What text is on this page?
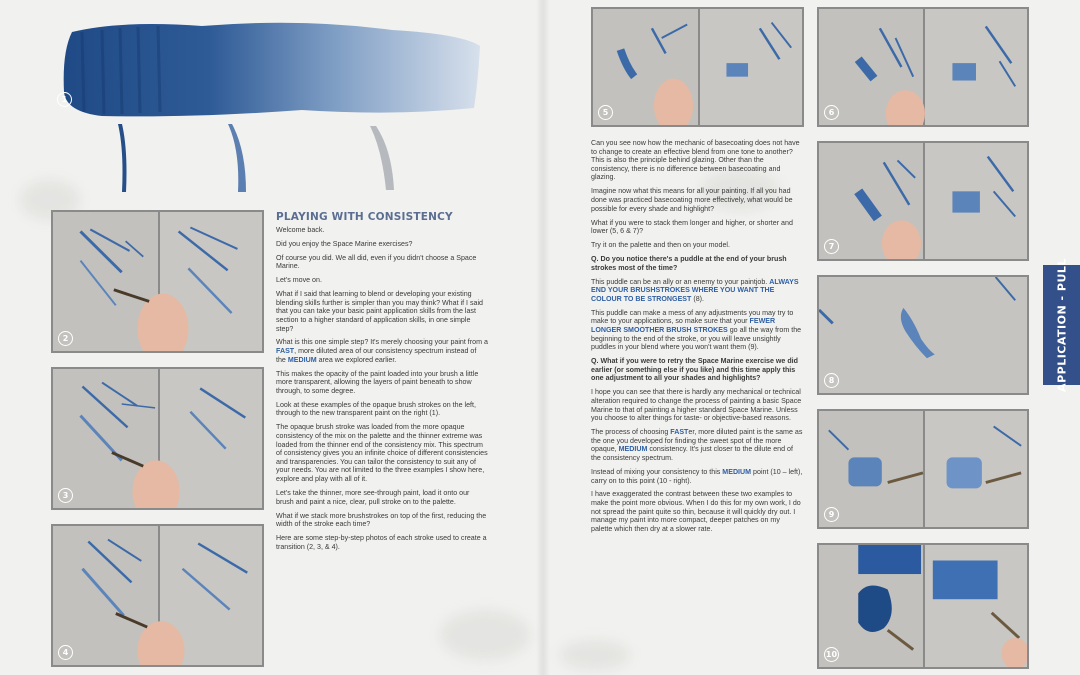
1
2
3
4
PLAYING WITH CONSISTENCY

Welcome back.

Did you enjoy the Space Marine exercises?

Of course you did. We all did, even if you didn't choose a Space Marine.

Let's move on.

What if I said that learning to blend or developing your existing blending skills further is simpler than you may think? What if I said that you can take your basic paint application skills from the last section to a higher standard of application skills, in one simple step?

What is this one simple step? It's merely choosing your paint from a FAST, more diluted area of our consistency spectrum instead of the MEDIUM area we explored earlier.

This makes the opacity of the paint loaded into your brush a little more transparent, allowing the layers of paint beneath to show through, to some degree.

Look at these examples of the opaque brush strokes on the left, through to the new transparent paint on the right (1).

The opaque brush stroke was loaded from the more opaque consistency of the mix on the palette and the thinner extreme was loaded from the thinner end of the consistency mix. This spectrum of consistency gives you an infinite choice of different consistencies and transparencies. You can tailor the consistency to suit any of your needs. You are not limited to the three examples I show here, explore and play with all of it.

Let's take the thinner, more see-through paint, load it onto our brush and paint a nice, clear, pull stroke on to the palette.

What if we stack more brushstrokes on top of the first, reducing the width of the stroke each time?

Here are some step-by-step photos of each stroke used to create a transition (2, 3, & 4).

5	6
7
8
9
10

Can you see now how the mechanic of basecoating does not have to change to create an effective blend from one tone to another? This is also the principle behind glazing. Other than the consistency, there is no difference between basecoating and glazing.

Imagine now what this means for all your painting. If all you had done was practiced basecoating more effectively, what would be possible for every shade and highlight?

What if you were to stack them longer and higher, or shorter and lower (5, 6 & 7)?

Try it on the palette and then on your model.

Q. Do you notice there's a puddle at the end of your brush strokes most of the time?

This puddle can be an ally or an enemy to your paintjob. ALWAYS END YOUR BRUSHSTROKES WHERE YOU WANT THE COLOUR TO BE STRONGEST (8).

This puddle can make a mess of any adjustments you may try to make to your applications, so make sure that your FEWER LONGER SMOOTHER BRUSH STROKES go all the way from the beginning to the end of the stroke, or you will leave unsightly puddles in your blend where you won't want them (9).

Q. What if you were to retry the Space Marine exercise we did earlier (or something else if you like) and this time apply this one adjustment to all your shades and highlights?

I hope you can see that there is hardly any mechanical or technical alteration required to change the process of painting a basic Space Marine to that of painting a higher standard Space Marine. Unless you choose to alter things for taste- or objective-based reasons.

The process of choosing FASTer, more diluted paint is the same as the one you developed for finding the sweet spot of the more opaque, MEDIUM consistency. It's just closer to the dilute end of the consistency spectrum.

Instead of mixing your consistency to this MEDIUM point (10 – left), carry on to this point (10 - right).

I have exaggerated the contrast between these two examples to make the point more obvious. When I do this for my own work, I do not spread the paint quite so thin, because it will quickly dry out. I manage my paint into more compact, deeper patches on my palette which then dry at a slower rate.

APPLICATION - PULL
